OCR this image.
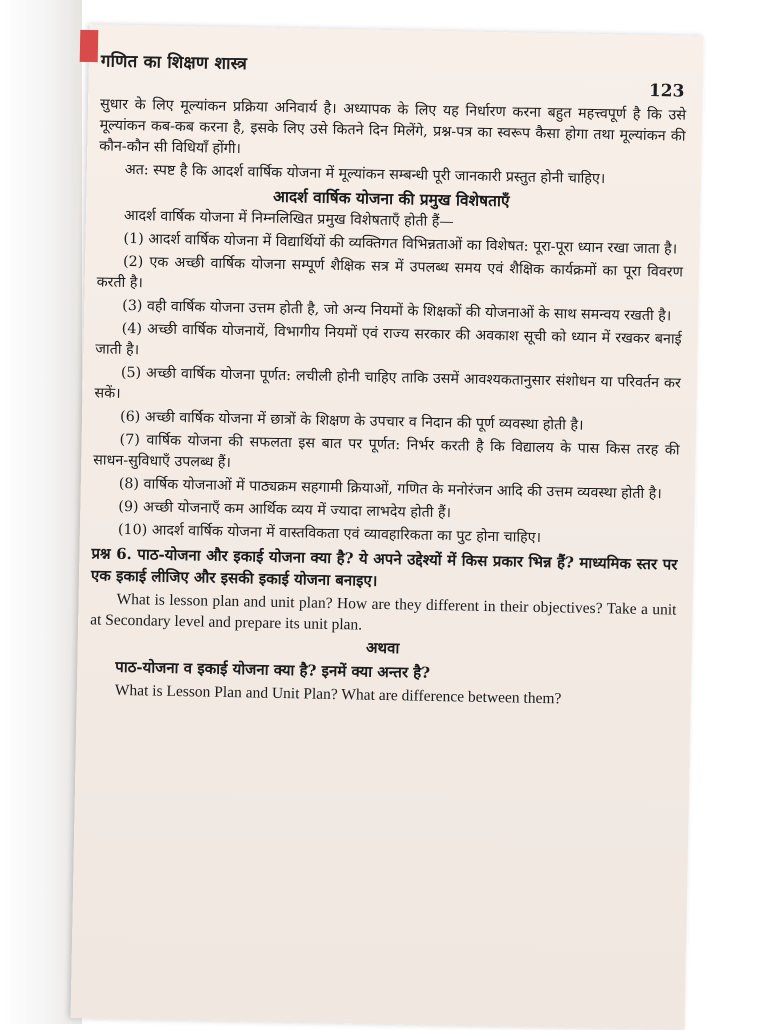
गणित का शिक्षण शास्त्र
123

सुधार के लिए मूल्यांकन प्रक्रिया अनिवार्य है। अध्यापक के लिए यह निर्धारण करना बहुत महत्त्वपूर्ण है कि उसे मूल्यांकन कब-कब करना है, इसके लिए उसे कितने दिन मिलेंगे, प्रश्न-पत्र का स्वरूप कैसा होगा तथा मूल्यांकन की कौन-कौन सी विधियाँ होंगी।

अत: स्पष्ट है कि आदर्श वार्षिक योजना में मूल्यांकन सम्बन्धी पूरी जानकारी प्रस्तुत होनी चाहिए।

आदर्श वार्षिक योजना की प्रमुख विशेषताएँ

आदर्श वार्षिक योजना में निम्नलिखित प्रमुख विशेषताएँ होती हैं—

(1) आदर्श वार्षिक योजना में विद्यार्थियों की व्यक्तिगत विभिन्नताओं का विशेषत: पूरा-पूरा ध्यान रखा जाता है।

(2) एक अच्छी वार्षिक योजना सम्पूर्ण शैक्षिक सत्र में उपलब्ध समय एवं शैक्षिक कार्यक्रमों का पूरा विवरण करती है।

(3) वही वार्षिक योजना उत्तम होती है, जो अन्य नियमों के शिक्षकों की योजनाओं के साथ समन्वय रखती है।

(4) अच्छी वार्षिक योजनायें, विभागीय नियमों एवं राज्य सरकार की अवकाश सूची को ध्यान में रखकर बनाई जाती है।

(5) अच्छी वार्षिक योजना पूर्णत: लचीली होनी चाहिए ताकि उसमें आवश्यकतानुसार संशोधन या परिवर्तन कर सकें।

(6) अच्छी वार्षिक योजना में छात्रों के शिक्षण के उपचार व निदान की पूर्ण व्यवस्था होती है।

(7) वार्षिक योजना की सफलता इस बात पर पूर्णत: निर्भर करती है कि विद्यालय के पास किस तरह की साधन-सुविधाएँ उपलब्ध हैं।

(8) वार्षिक योजनाओं में पाठ्यक्रम सहगामी क्रियाओं, गणित के मनोरंजन आदि की उत्तम व्यवस्था होती है।

(9) अच्छी योजनाएँ कम आर्थिक व्यय में ज्यादा लाभदेय होती हैं।

(10) आदर्श वार्षिक योजना में वास्तविकता एवं व्यावहारिकता का पुट होना चाहिए।

प्रश्न 6. पाठ-योजना और इकाई योजना क्या है? ये अपने उद्देश्यों में किस प्रकार भिन्न हैं? माध्यमिक स्तर पर एक इकाई लीजिए और इसकी इकाई योजना बनाइए।

What is lesson plan and unit plan? How are they different in their objectives? Take a unit at Secondary level and prepare its unit plan.

अथवा

पाठ-योजना व इकाई योजना क्या है? इनमें क्या अन्तर है?

What is Lesson Plan and Unit Plan? What are difference between them?
